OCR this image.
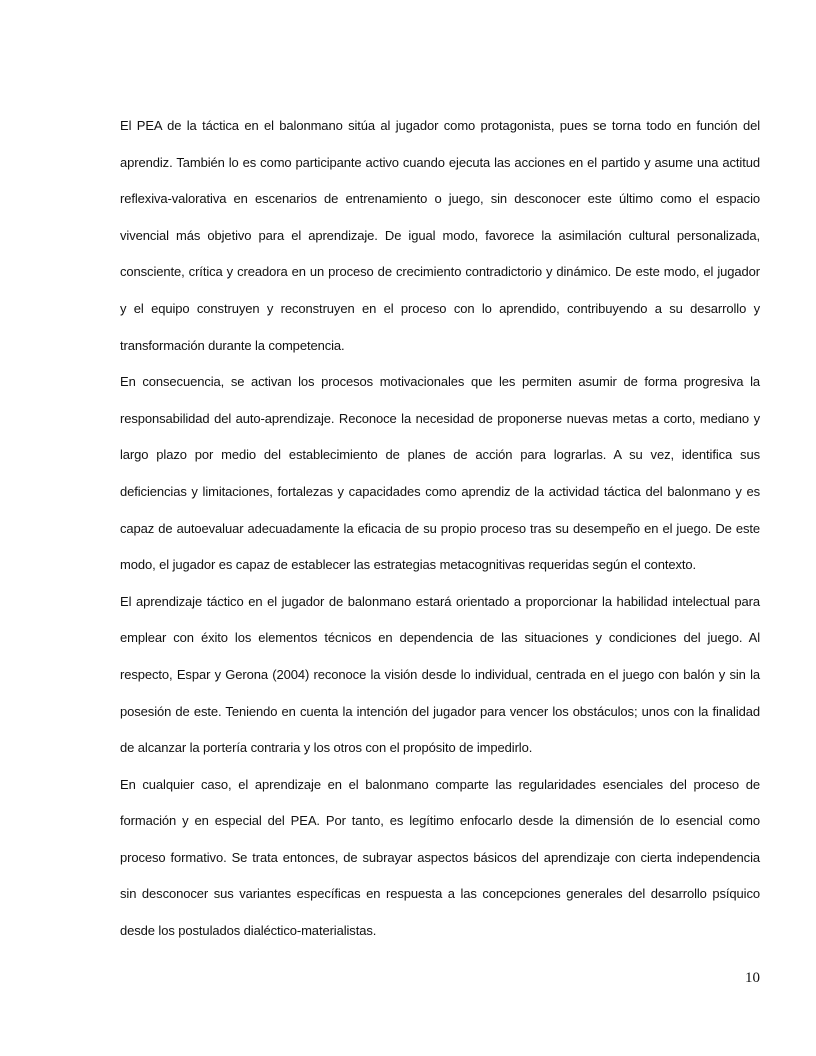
El PEA de la táctica en el balonmano sitúa al jugador como protagonista, pues se torna todo en función del aprendiz. También lo es como participante activo cuando ejecuta las acciones en el partido y asume una actitud reflexiva-valorativa en escenarios de entrenamiento o juego, sin desconocer este último como el espacio vivencial más objetivo para el aprendizaje. De igual modo, favorece la asimilación cultural personalizada, consciente, crítica y creadora en un proceso de crecimiento contradictorio y dinámico. De este modo, el jugador y el equipo construyen y reconstruyen en el proceso con lo aprendido, contribuyendo a su desarrollo y transformación durante la competencia.

En consecuencia, se activan los procesos motivacionales que les permiten asumir de forma progresiva la responsabilidad del auto-aprendizaje. Reconoce la necesidad de proponerse nuevas metas a corto, mediano y largo plazo por medio del establecimiento de planes de acción para lograrlas. A su vez, identifica sus deficiencias y limitaciones, fortalezas y capacidades como aprendiz de la actividad táctica del balonmano y es capaz de autoevaluar adecuadamente la eficacia de su propio proceso tras su desempeño en el juego. De este modo, el jugador es capaz de establecer las estrategias metacognitivas requeridas según el contexto.

El aprendizaje táctico en el jugador de balonmano estará orientado a proporcionar la habilidad intelectual para emplear con éxito los elementos técnicos en dependencia de las situaciones y condiciones del juego. Al respecto, Espar y Gerona (2004) reconoce la visión desde lo individual, centrada en el juego con balón y sin la posesión de este. Teniendo en cuenta la intención del jugador para vencer los obstáculos; unos con la finalidad de alcanzar la portería contraria y los otros con el propósito de impedirlo.

En cualquier caso, el aprendizaje en el balonmano comparte las regularidades esenciales del proceso de formación y en especial del PEA. Por tanto, es legítimo enfocarlo desde la dimensión de lo esencial como proceso formativo. Se trata entonces, de subrayar aspectos básicos del aprendizaje con cierta independencia sin desconocer sus variantes específicas en respuesta a las concepciones generales del desarrollo psíquico desde los postulados dialéctico-materialistas.

10
